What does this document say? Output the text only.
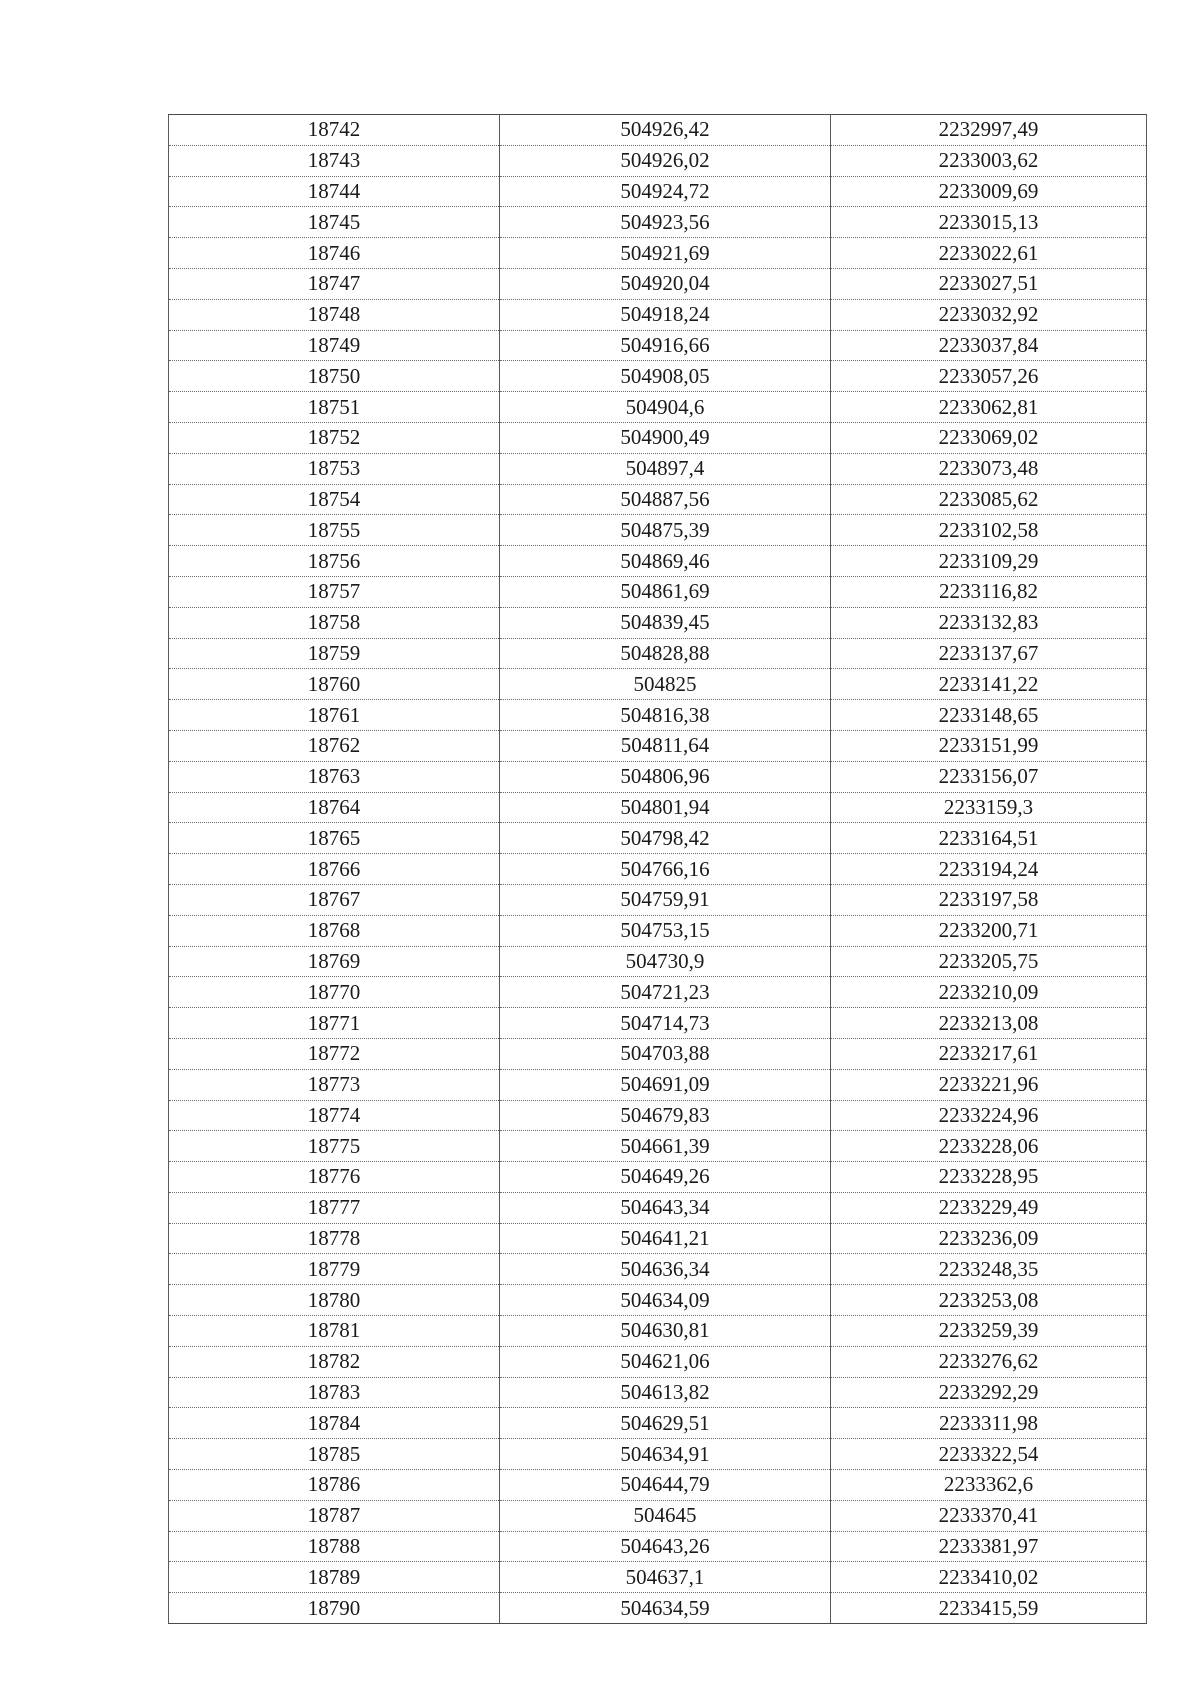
18742	504926,42	2232997,49
18743	504926,02	2233003,62
18744	504924,72	2233009,69
18745	504923,56	2233015,13
18746	504921,69	2233022,61
18747	504920,04	2233027,51
18748	504918,24	2233032,92
18749	504916,66	2233037,84
18750	504908,05	2233057,26
18751	504904,6	2233062,81
18752	504900,49	2233069,02
18753	504897,4	2233073,48
18754	504887,56	2233085,62
18755	504875,39	2233102,58
18756	504869,46	2233109,29
18757	504861,69	2233116,82
18758	504839,45	2233132,83
18759	504828,88	2233137,67
18760	504825	2233141,22
18761	504816,38	2233148,65
18762	504811,64	2233151,99
18763	504806,96	2233156,07
18764	504801,94	2233159,3
18765	504798,42	2233164,51
18766	504766,16	2233194,24
18767	504759,91	2233197,58
18768	504753,15	2233200,71
18769	504730,9	2233205,75
18770	504721,23	2233210,09
18771	504714,73	2233213,08
18772	504703,88	2233217,61
18773	504691,09	2233221,96
18774	504679,83	2233224,96
18775	504661,39	2233228,06
18776	504649,26	2233228,95
18777	504643,34	2233229,49
18778	504641,21	2233236,09
18779	504636,34	2233248,35
18780	504634,09	2233253,08
18781	504630,81	2233259,39
18782	504621,06	2233276,62
18783	504613,82	2233292,29
18784	504629,51	2233311,98
18785	504634,91	2233322,54
18786	504644,79	2233362,6
18787	504645	2233370,41
18788	504643,26	2233381,97
18789	504637,1	2233410,02
18790	504634,59	2233415,59
